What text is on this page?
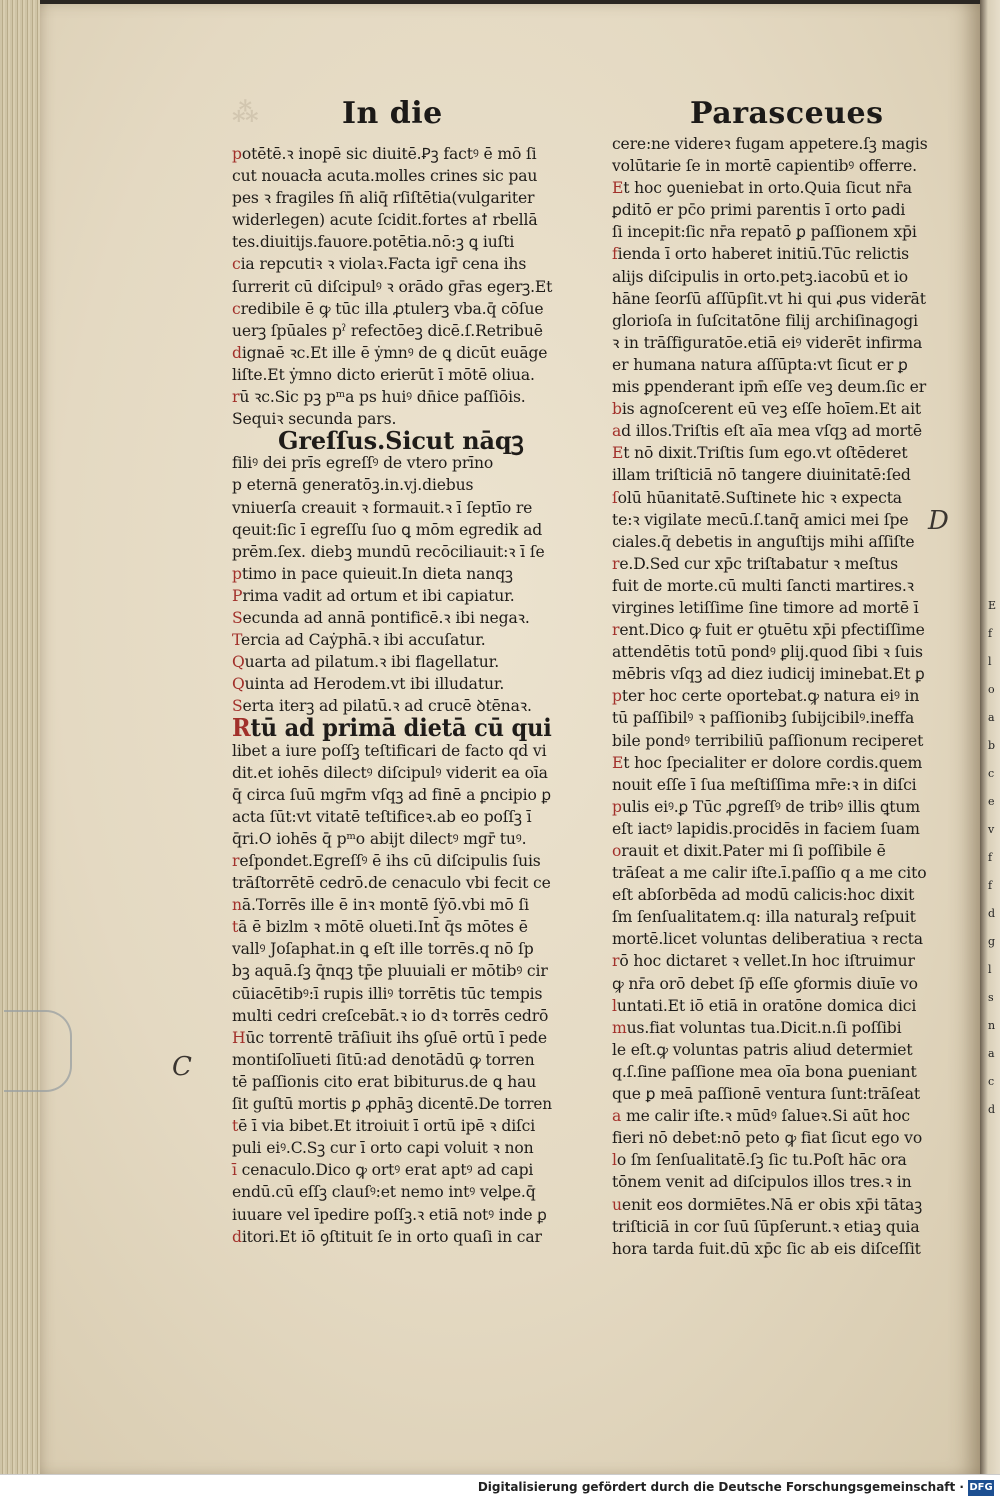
⁂	In die	Parasceues
potētē.ꝛ inopē sic diuitē.Ꝑꝫ factꝰ ē mō ſi
cut nouacła acuta.molles crines sic pau
pes ꝛ fragiles ſn̄ aliq̄ rſiſtētia(vulgariter
widerlegen) acute ſcidit.fortes aꝉ rbellā
tes.diuitijs.fauore.potētia.nō:ꝫ ꝗ iuſti
cia repcutiꝛ ꝛ violaꝛ.Facta igr̄ cena ihs
ſurrerit cū diſcipulꝰ ꝛ orādo gr̄as egerꝫ.Et
credibile ē ꝙ tūc illa ꝓtulerꝫ vba.q̄ cōſue
uerꝫ ſpūales pˀ refectōeꝫ dicē.ſ.Retribuē
dignaē ꝛc.Et ille ē ẏmnꝰ de ꝗ dicūt euāge
liſte.Et ẏmno dicto erierūt ī mōtē oliua.
rū ꝛc.Sic pꝫ pᵐa ps huiꝰ dn̄ice paſſiōis.
Sequiꝛ secunda pars.
Greſſus.Sicut nāqꝫ
filiꝰ dei prīs egreſſꝰ de vtero prīno
p eternā generatōꝫ.in.vj.diebus
vniuerſa creauit ꝛ formauit.ꝛ ī ſeptīo re
qeuit:ſic ī egreſſu ſuo ꝗ mōm egredik ad
prēm.ſex. diebꝫ mundū recōciliauit:ꝛ ī ſe
ptimo in pace quieuit.In dieta nanqꝫ
Prima vadit ad ortum et ibi capiatur.
Secunda ad annā pontificē.ꝛ ibi negaꝛ.
Tercia ad Caẏphā.ꝛ ibi accuſatur.
Quarta ad pilatum.ꝛ ibi flagellatur.
Quinta ad Herodem.vt ibi illudatur.
Serta iterꝫ ad pilatū.ꝛ ad crucē ꝺtēnaꝛ.
Rtū ad primā dietā cū qui
libet a iure poſſꝫ teſtificari de facto qd vi
dit.et iohēs dilectꝰ diſcipulꝰ viderit ea oīa
q̄ circa ſuū mgr̄m vſqꝫ ad finē a ꝑncipio ꝑ
acta ſūt:vt vitatē teſtificeꝛ.ab eo poſſꝫ ī
q̄ri.O iohēs q̄ pᵐo abijt dilectꝰ mgr̄ tuꝰ.
reſpondet.Egreſſꝰ ē ihs cū diſcipulis ſuis
trāſtorrētē cedrō.de cenaculo vbi fecit ce
nā.Torrēs ille ē inꝛ montē ſẏō.vbi mō ſi
tā ē bizlm ꝛ mōtē olueti.Int̄ q̄s mōtes ē
vallꝰ Joſaphat.in ꝗ eſt ille torrēs.q nō ſp
bꝫ aquā.ſꝫ q̄nqꝫ tp̄e pluuiali er mōtibꝰ cir
cūiacētibꝰ:ī rupis illiꝰ torrētis tūc tempis
multi cedri creſcebāt.ꝛ io dꝛ torrēs cedrō
Hūc torrentē trāſiuit ihs ꝯſuē ortū ī pede
montiſolīueti ſitū:ad denotādū ꝙ torren
tē paſſionis cito erat bibiturus.de ꝗ hau
ſit guſtū mortis ꝑ ꝓphāꝫ dicentē.De torren
tē ī via bibet.Et itroiuit ī ortū ipē ꝛ diſci
puli eiꝰ.C.Sꝫ cur ī orto capi voluit ꝛ non
ī cenaculo.Dico ꝙ ortꝰ erat aptꝰ ad capi
endū.cū eſſꝫ clauſꝰ:et nemo intꝰ velꝑe.q̄
iuuare vel īpedire poſſꝫ.ꝛ etiā notꝰ inde ꝑ
ditori.Et iō ꝯſtituit ſe in orto quaſi in car
cere:ne videreꝛ fugam appetere.ſꝫ magis
volūtarie ſe in mortē capientibꝰ offerre.
Et hoc ꝯueniebat in orto.Quia ſicut nr̄a
ꝑditō er pc̄o primi parentis ī orto ꝑadi
ſi incepit:ſic nr̄a repatō ꝑ paſſionem xp̄i
fienda ī orto haberet initiū.Tūc relictis
alijs diſcipulis in orto.petꝫ.iacobū et io
hāne ſeorſū aſſūpſit.vt hi qui ꝓus viderāt
glorioſa in ſuſcitatōne filij archiſinagogi
ꝛ in trāſfiguratōe.etiā eiꝰ viderēt infirma
er humana natura aſſūpta:vt ſicut er ꝑ
mis ꝑpenderant ipm̄ eſſe veꝫ deum.ſic er
bis agnoſcerent eū veꝫ eſſe hoīem.Et ait
ad illos.Triſtis eſt aīa mea vſqꝫ ad mortē
Et nō dixit.Triſtis ſum ego.vt oſtēderet
illam triſticiā nō tangere diuinitatē:ſed
ſolū hūanitatē.Suſtinete hic ꝛ expecta
te:ꝛ vigilate mecū.ſ.tanq̄ amici mei ſpe
ciales.q̄ debetis in anguſtijs mihi aſſiſte
re.D.Sed cur xp̄c triſtabatur ꝛ meſtus
fuit de morte.cū multi ſancti martires.ꝛ
virgines letiſſime ſine timore ad mortē ī
rent.Dico ꝙ fuit er ꝯtuētu xp̄i pfectiſſime
attendētis totū pondꝰ ꝑlij.quod ſibi ꝛ ſuis
mēbris vſqꝫ ad diez iudicij iminebat.Et ꝑ
pter hoc certe oportebat.ꝙ natura eiꝰ in
tū paſſibilꝰ ꝛ paſſionibꝫ ſubijcibilꝰ.ineffa
bile pondꝰ terribiliū paſſionum reciperet
Et hoc ſpecialiter er dolore cordis.quem
nouit eſſe ī ſua meſtiſſima mr̄e:ꝛ in diſci
pulis eiꝰ.ꝑ Tūc ꝓgreſſꝰ de tribꝰ illis ꝗtum
eſt iactꝰ lapidis.procidēs in faciem ſuam
orauit et dixit.Pater mi ſi poſſibile ē
trāſeat a me calir iſte.ī.paſſio q a me cito
eſt abſorbēda ad modū calicis:hoc dixit
ſm ſenſualitatem.q: illa naturalꝫ reſpuit
mortē.licet voluntas deliberatiua ꝛ recta
rō hoc dictaret ꝛ vellet.In hoc iſtruimur
ꝙ nr̄a orō debet ſp̄ eſſe ꝯformis diuīe vo
luntati.Et iō etiā in oratōne domica dici
mus.fiat voluntas tua.Dicit.n.ſi poſſibi
le eſt.ꝙ voluntas patris aliud determiet
q.ſ.ſine paſſione mea oīa bona ꝑueniant
que ꝑ meā paſſionē ventura ſunt:trāſeat
a me calir iſte.ꝛ mūdꝰ ſalueꝛ.Si aūt hoc
fieri nō debet:nō peto ꝙ fiat ſicut ego vo
lo ſm ſenſualitatē.ſꝫ ſic tu.Poſt hāc ora
tōnem venit ad diſcipulos illos tres.ꝛ in
uenit eos dormiētes.Nā er obis xp̄i tātaꝫ
triſticiā in cor ſuū ſūpſerunt.ꝛ etiaꝫ quia
hora tarda fuit.dū xp̄c ſic ab eis diſceſſit
C
D
Digitalisierung gefördert durch die Deutsche Forschungsgemeinschaft · DFG
E
f
l
o
a
b
c
e
v
f
f
d
g
l
s
n
a
c
d
